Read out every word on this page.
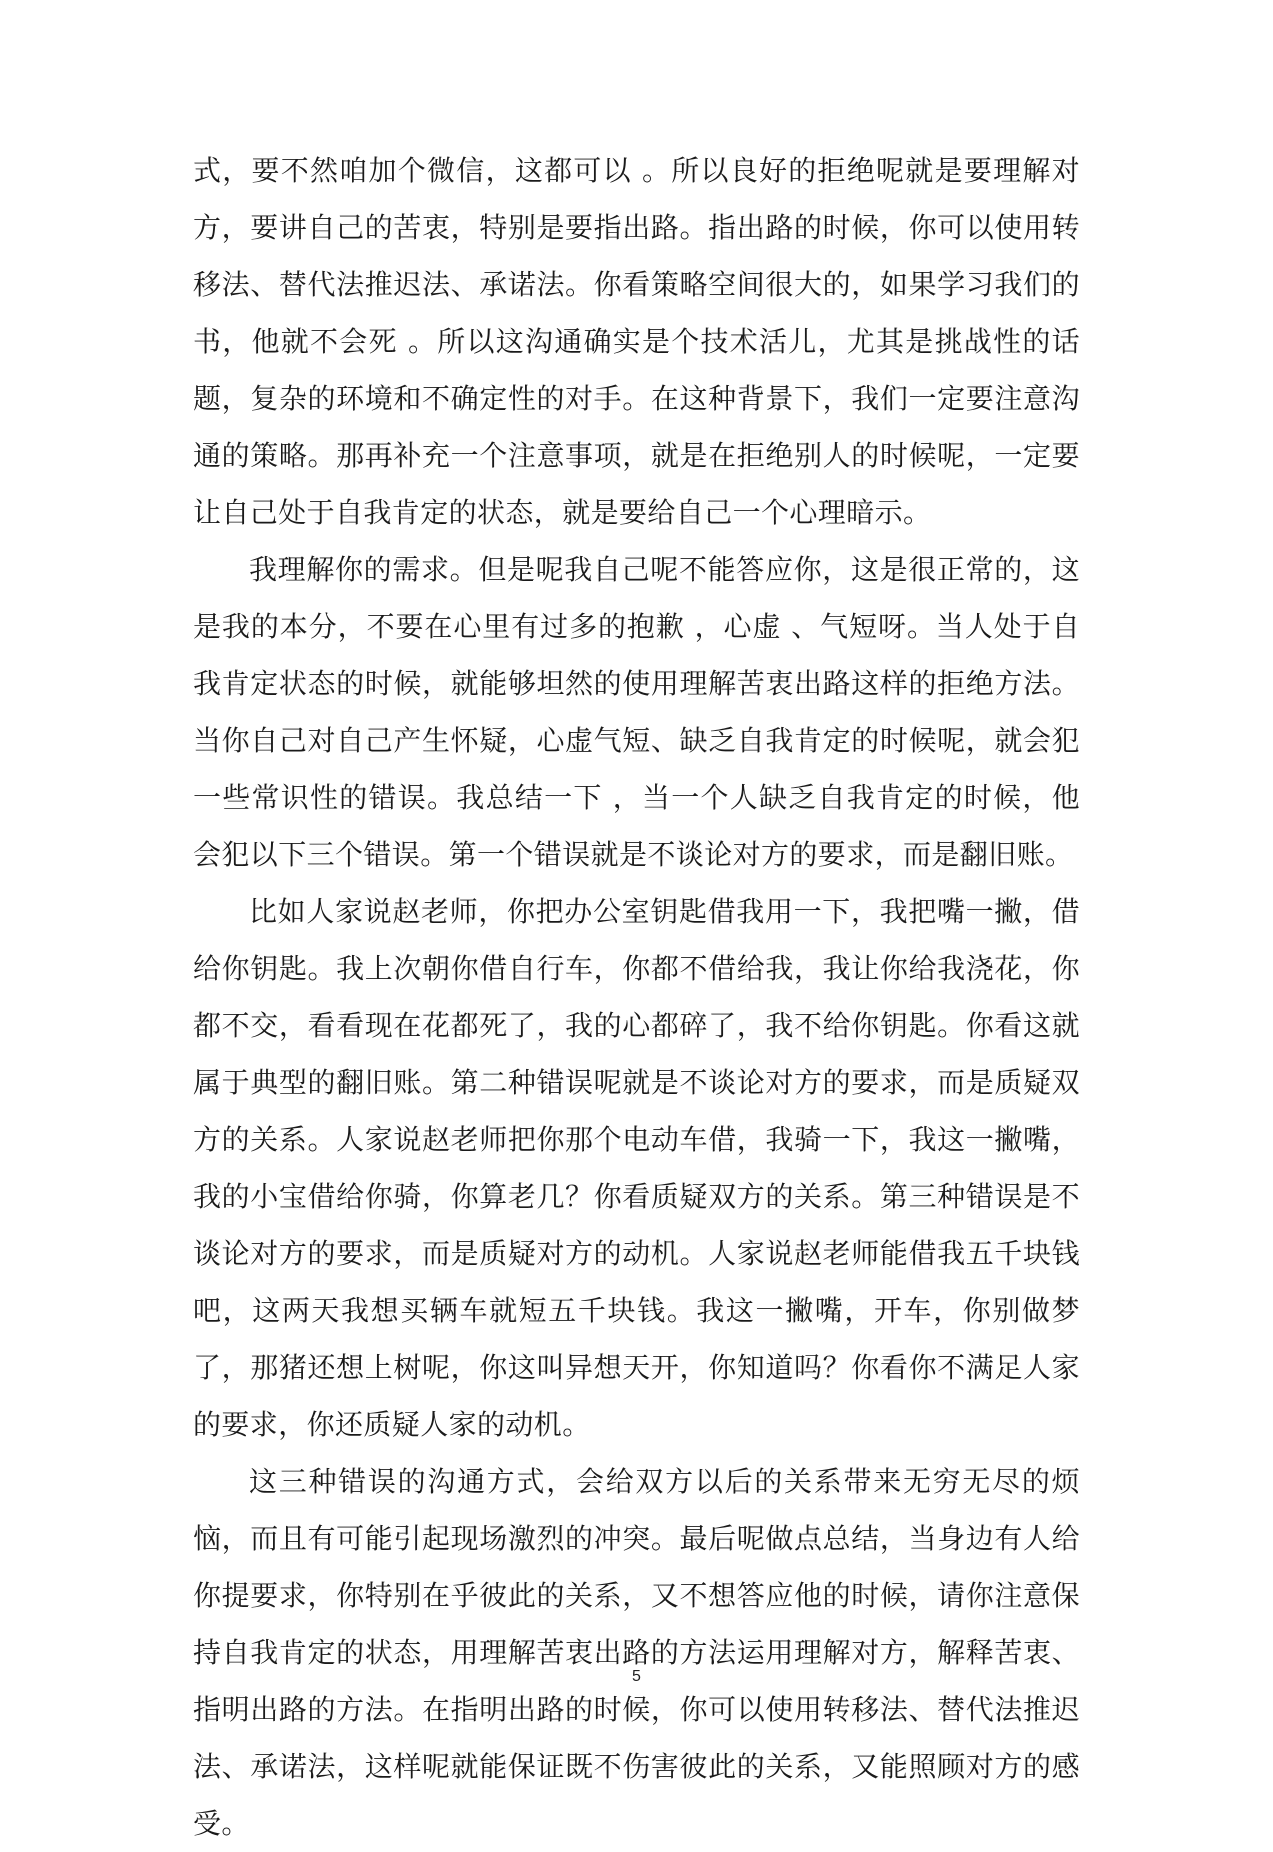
式，要不然咱加个微信，这都可以 。所以良好的拒绝呢就是要理解对方，要讲自己的苦衷，特别是要指出路。指出路的时候，你可以使用转移法、替代法推迟法、承诺法。你看策略空间很大的，如果学习我们的书，他就不会死 。所以这沟通确实是个技术活儿，尤其是挑战性的话题，复杂的环境和不确定性的对手。在这种背景下，我们一定要注意沟通的策略。那再补充一个注意事项，就是在拒绝别人的时候呢，一定要让自己处于自我肯定的状态，就是要给自己一个心理暗示。

我理解你的需求。但是呢我自己呢不能答应你，这是很正常的，这是我的本分，不要在心里有过多的抱歉 ，心虚 、气短呀。当人处于自我肯定状态的时候，就能够坦然的使用理解苦衷出路这样的拒绝方法。当你自己对自己产生怀疑，心虚气短、缺乏自我肯定的时候呢，就会犯一些常识性的错误。我总结一下 ，当一个人缺乏自我肯定的时候，他会犯以下三个错误。第一个错误就是不谈论对方的要求，而是翻旧账。

比如人家说赵老师，你把办公室钥匙借我用一下，我把嘴一撇，借给你钥匙。我上次朝你借自行车，你都不借给我，我让你给我浇花，你都不交，看看现在花都死了，我的心都碎了，我不给你钥匙。你看这就属于典型的翻旧账。第二种错误呢就是不谈论对方的要求，而是质疑双方的关系。人家说赵老师把你那个电动车借，我骑一下，我这一撇嘴，我的小宝借给你骑，你算老几？你看质疑双方的关系。第三种错误是不谈论对方的要求，而是质疑对方的动机。人家说赵老师能借我五千块钱吧，这两天我想买辆车就短五千块钱。我这一撇嘴，开车，你别做梦了，那猪还想上树呢，你这叫异想天开，你知道吗？你看你不满足人家的要求，你还质疑人家的动机。

这三种错误的沟通方式，会给双方以后的关系带来无穷无尽的烦恼，而且有可能引起现场激烈的冲突。最后呢做点总结，当身边有人给你提要求，你特别在乎彼此的关系，又不想答应他的时候，请你注意保持自我肯定的状态，用理解苦衷出路的方法运用理解对方，解释苦衷、指明出路的方法。在指明出路的时候，你可以使用转移法、替代法推迟法、承诺法，这样呢就能保证既不伤害彼此的关系，又能照顾对方的感受。

5
